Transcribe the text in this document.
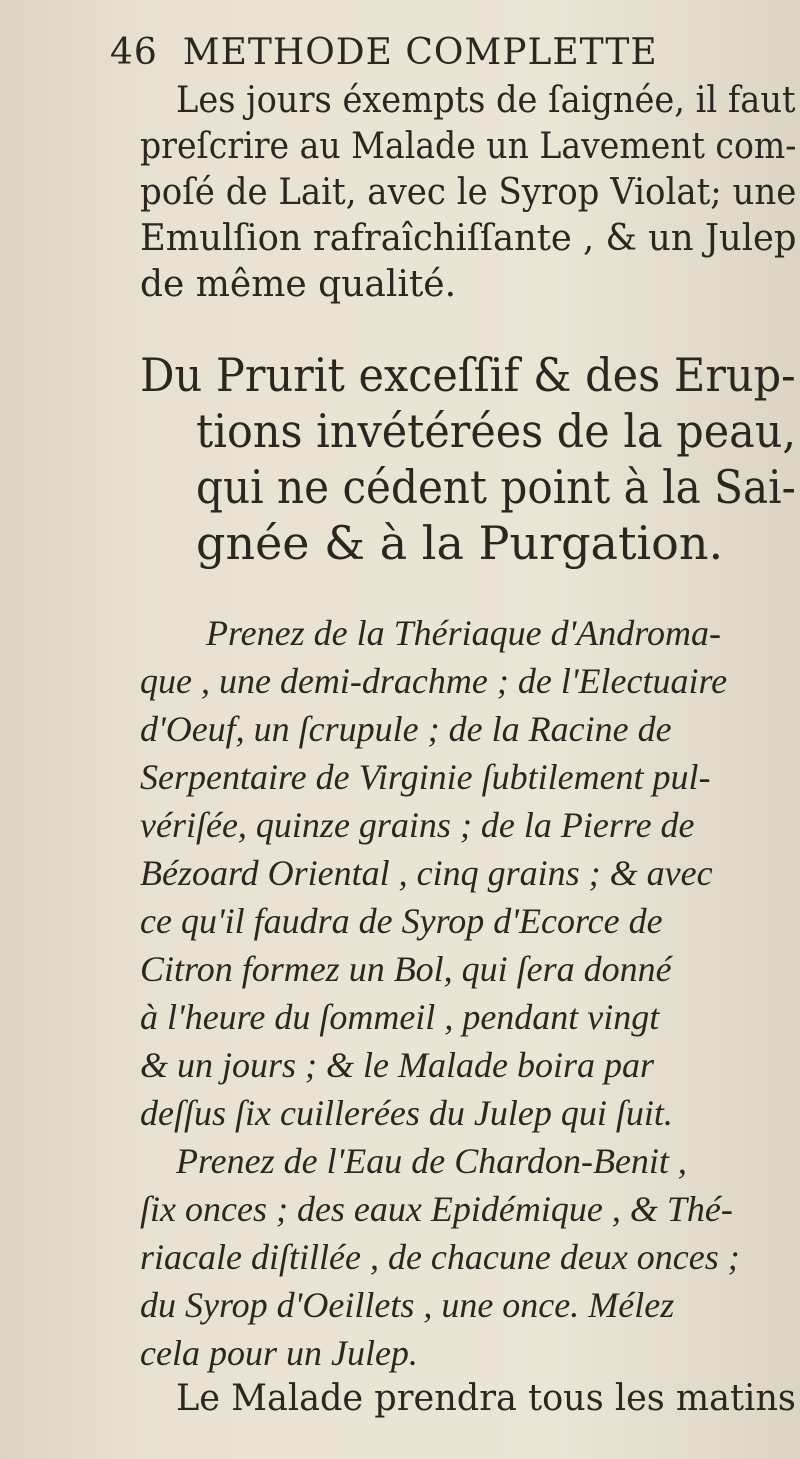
46 METHODE COMPLETTE
Les jours éxempts de ſaignée, il faut
preſcrire au Malade un Lavement com-
poſé de Lait, avec le Syrop Violat; une
Emulſion rafraîchiſſante , & un Julep
de même qualité.
Du Prurit exceſſif & des Erup-
tions invétérées de la peau,
qui ne cédent point à la Sai-
gnée & à la Purgation.
Prenez de la Thériaque d'Androma-
que , une demi-drachme ; de l'Electuaire
d'Oeuf, un ſcrupule ; de la Racine de
Serpentaire de Virginie ſubtilement pul-
vériſée, quinze grains ; de la Pierre de
Bézoard Oriental , cinq grains ; & avec
ce qu'il faudra de Syrop d'Ecorce de
Citron formez un Bol, qui ſera donné
à l'heure du ſommeil , pendant vingt
& un jours ; & le Malade boira par
deſſus ſix cuillerées du Julep qui ſuit.
Prenez de l'Eau de Chardon-Benit ,
ſix onces ; des eaux Epidémique , & Thé-
riacale diſtillée , de chacune deux onces ;
du Syrop d'Oeillets , une once. Mélez
cela pour un Julep.
Le Malade prendra tous les matins
